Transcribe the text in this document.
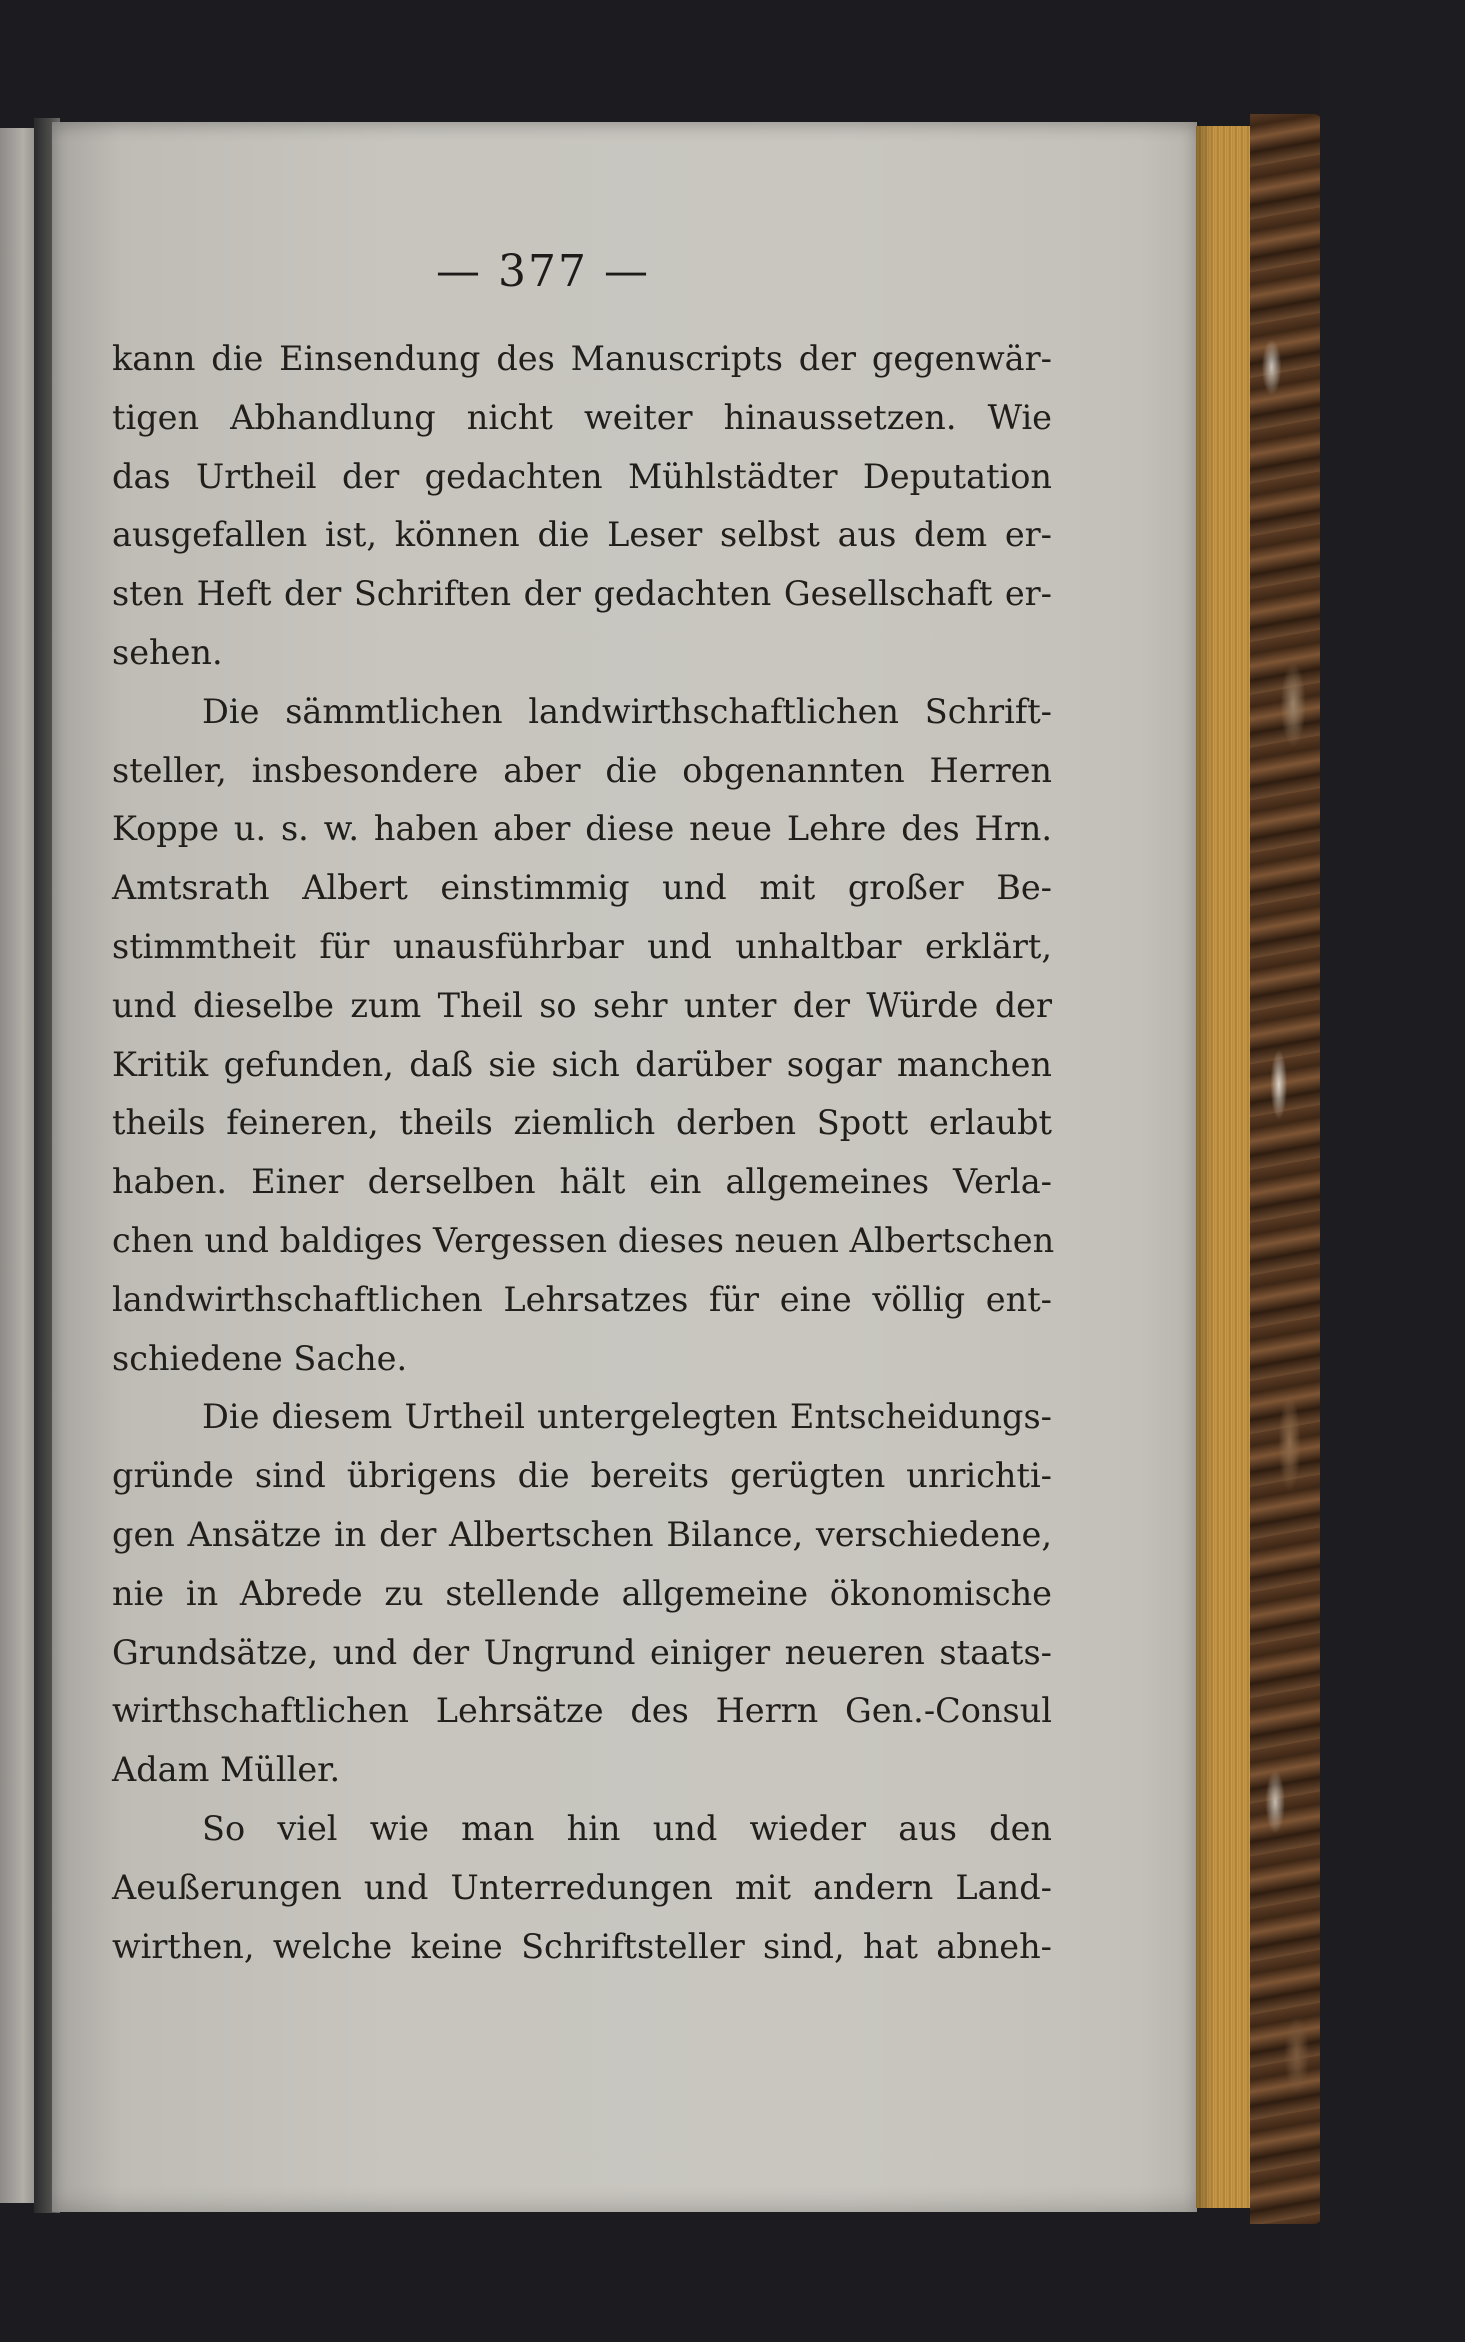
— 377 —
kann die Einsendung des Manuscripts der gegenwär-
tigen Abhandlung nicht weiter hinaussetzen. Wie
das Urtheil der gedachten Mühlstädter Deputation
ausgefallen ist, können die Leser selbst aus dem er-
sten Heft der Schriften der gedachten Gesellschaft er-
sehen.
Die sämmtlichen landwirthschaftlichen Schrift-
steller, insbesondere aber die obgenannten Herren
Koppe u. s. w. haben aber diese neue Lehre des Hrn.
Amtsrath Albert einstimmig und mit großer Be-
stimmtheit für unausführbar und unhaltbar erklärt,
und dieselbe zum Theil so sehr unter der Würde der
Kritik gefunden, daß sie sich darüber sogar manchen
theils feineren, theils ziemlich derben Spott erlaubt
haben. Einer derselben hält ein allgemeines Verla-
chen und baldiges Vergessen dieses neuen Albertschen
landwirthschaftlichen Lehrsatzes für eine völlig ent-
schiedene Sache.
Die diesem Urtheil untergelegten Entscheidungs-
gründe sind übrigens die bereits gerügten unrichti-
gen Ansätze in der Albertschen Bilance, verschiedene,
nie in Abrede zu stellende allgemeine ökonomische
Grundsätze, und der Ungrund einiger neueren staats-
wirthschaftlichen Lehrsätze des Herrn Gen.-Consul
Adam Müller.
So viel wie man hin und wieder aus den
Aeußerungen und Unterredungen mit andern Land-
wirthen, welche keine Schriftsteller sind, hat abneh-
